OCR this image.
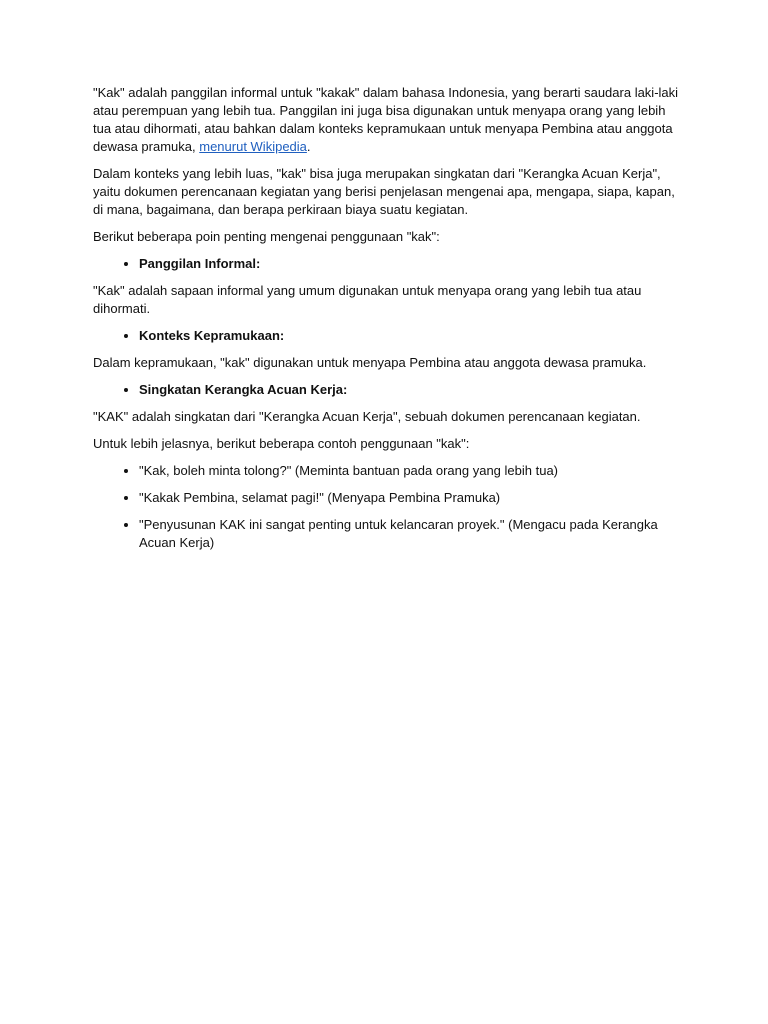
"Kak" adalah panggilan informal untuk "kakak" dalam bahasa Indonesia, yang berarti saudara laki-laki atau perempuan yang lebih tua. Panggilan ini juga bisa digunakan untuk menyapa orang yang lebih tua atau dihormati, atau bahkan dalam konteks kepramukaan untuk menyapa Pembina atau anggota dewasa pramuka, menurut Wikipedia.

Dalam konteks yang lebih luas, "kak" bisa juga merupakan singkatan dari "Kerangka Acuan Kerja", yaitu dokumen perencanaan kegiatan yang berisi penjelasan mengenai apa, mengapa, siapa, kapan, di mana, bagaimana, dan berapa perkiraan biaya suatu kegiatan.

Berikut beberapa poin penting mengenai penggunaan "kak":

• Panggilan Informal:

"Kak" adalah sapaan informal yang umum digunakan untuk menyapa orang yang lebih tua atau dihormati.

• Konteks Kepramukaan:

Dalam kepramukaan, "kak" digunakan untuk menyapa Pembina atau anggota dewasa pramuka.

• Singkatan Kerangka Acuan Kerja:

"KAK" adalah singkatan dari "Kerangka Acuan Kerja", sebuah dokumen perencanaan kegiatan.

Untuk lebih jelasnya, berikut beberapa contoh penggunaan "kak":

• "Kak, boleh minta tolong?" (Meminta bantuan pada orang yang lebih tua)
• "Kakak Pembina, selamat pagi!" (Menyapa Pembina Pramuka)
• "Penyusunan KAK ini sangat penting untuk kelancaran proyek." (Mengacu pada Kerangka Acuan Kerja)
